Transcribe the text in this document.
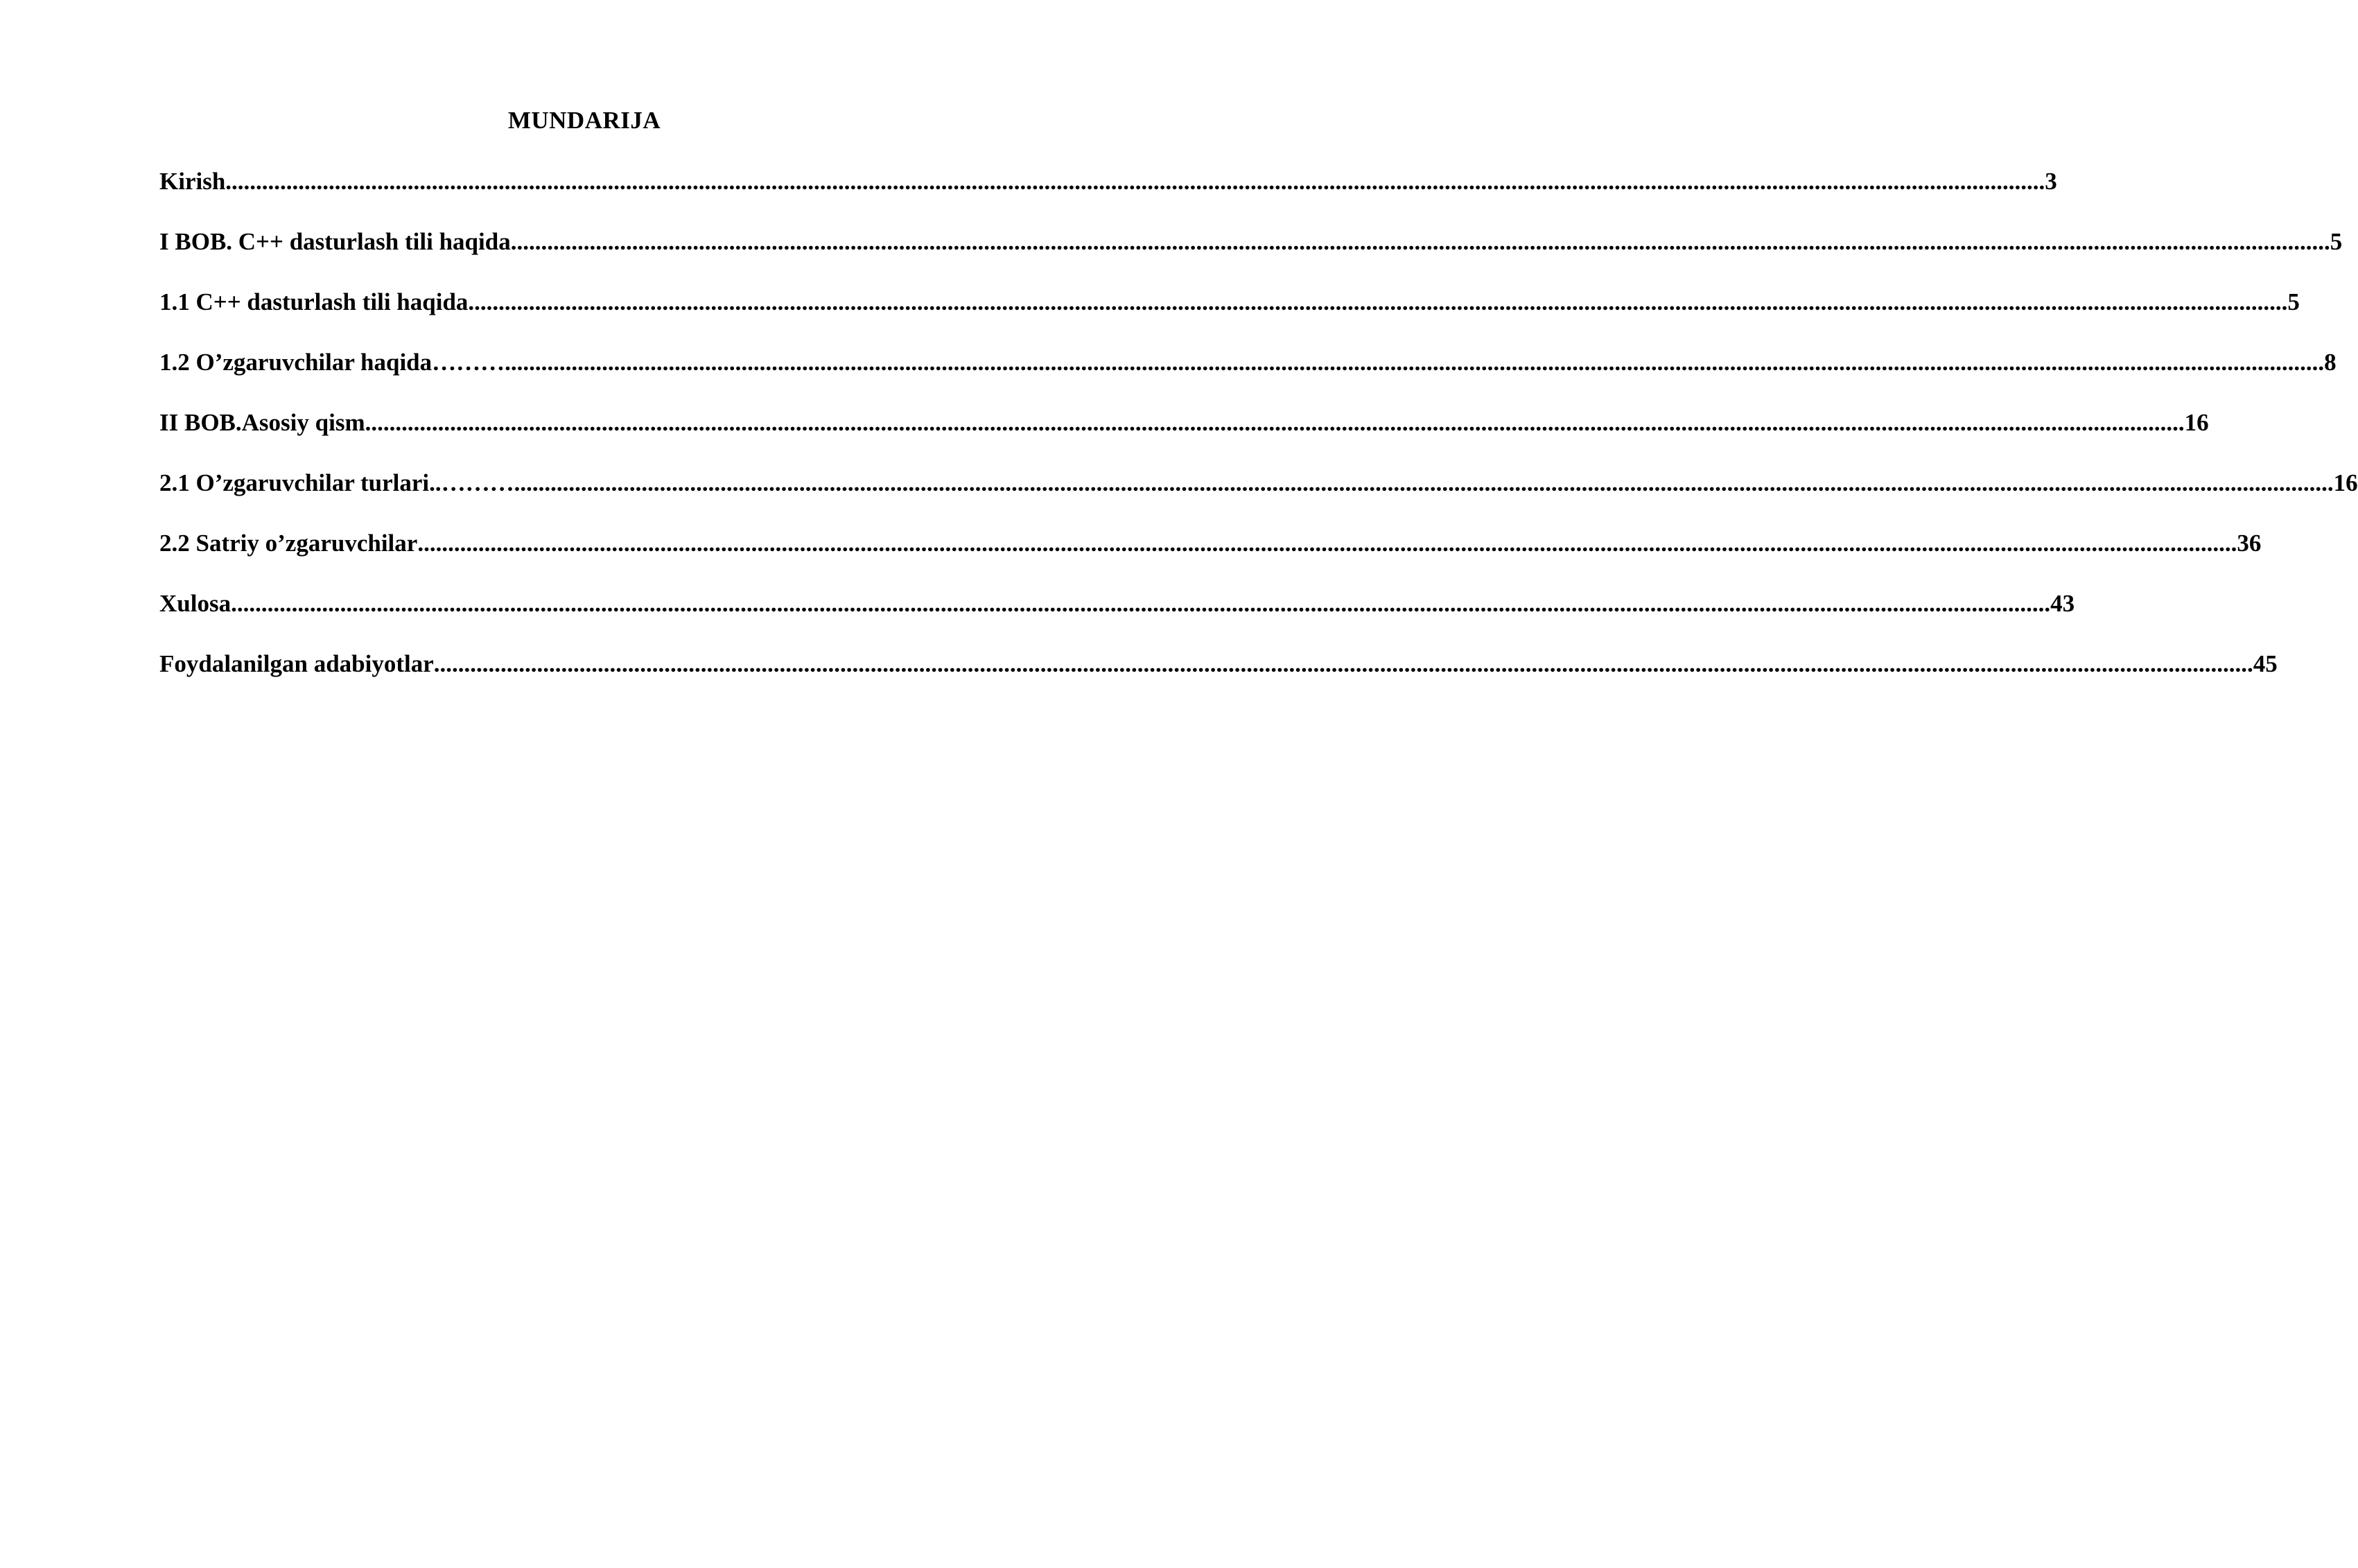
MUNDARIJA
Kirish ............................................................................................................................................................................................................................................................................................................ 3
I BOB. C++ dasturlash tili haqida ............................................................................................................................................................................................................................................................................................................ 5
1.1 C++ dasturlash tili haqida ............................................................................................................................................................................................................................................................................................................ 5
1.2 O’zgaruvchilar haqida……… ............................................................................................................................................................................................................................................................................................................ 8
II BOB.Asosiy qism ............................................................................................................................................................................................................................................................................................................ 16
2.1 O’zgaruvchilar turlari..……… ............................................................................................................................................................................................................................................................................................................ 16
2.2 Satriy o’zgaruvchilar ............................................................................................................................................................................................................................................................................................................ 36
Xulosa ............................................................................................................................................................................................................................................................................................................ 43
Foydalanilgan adabiyotlar ............................................................................................................................................................................................................................................................................................................ 45
